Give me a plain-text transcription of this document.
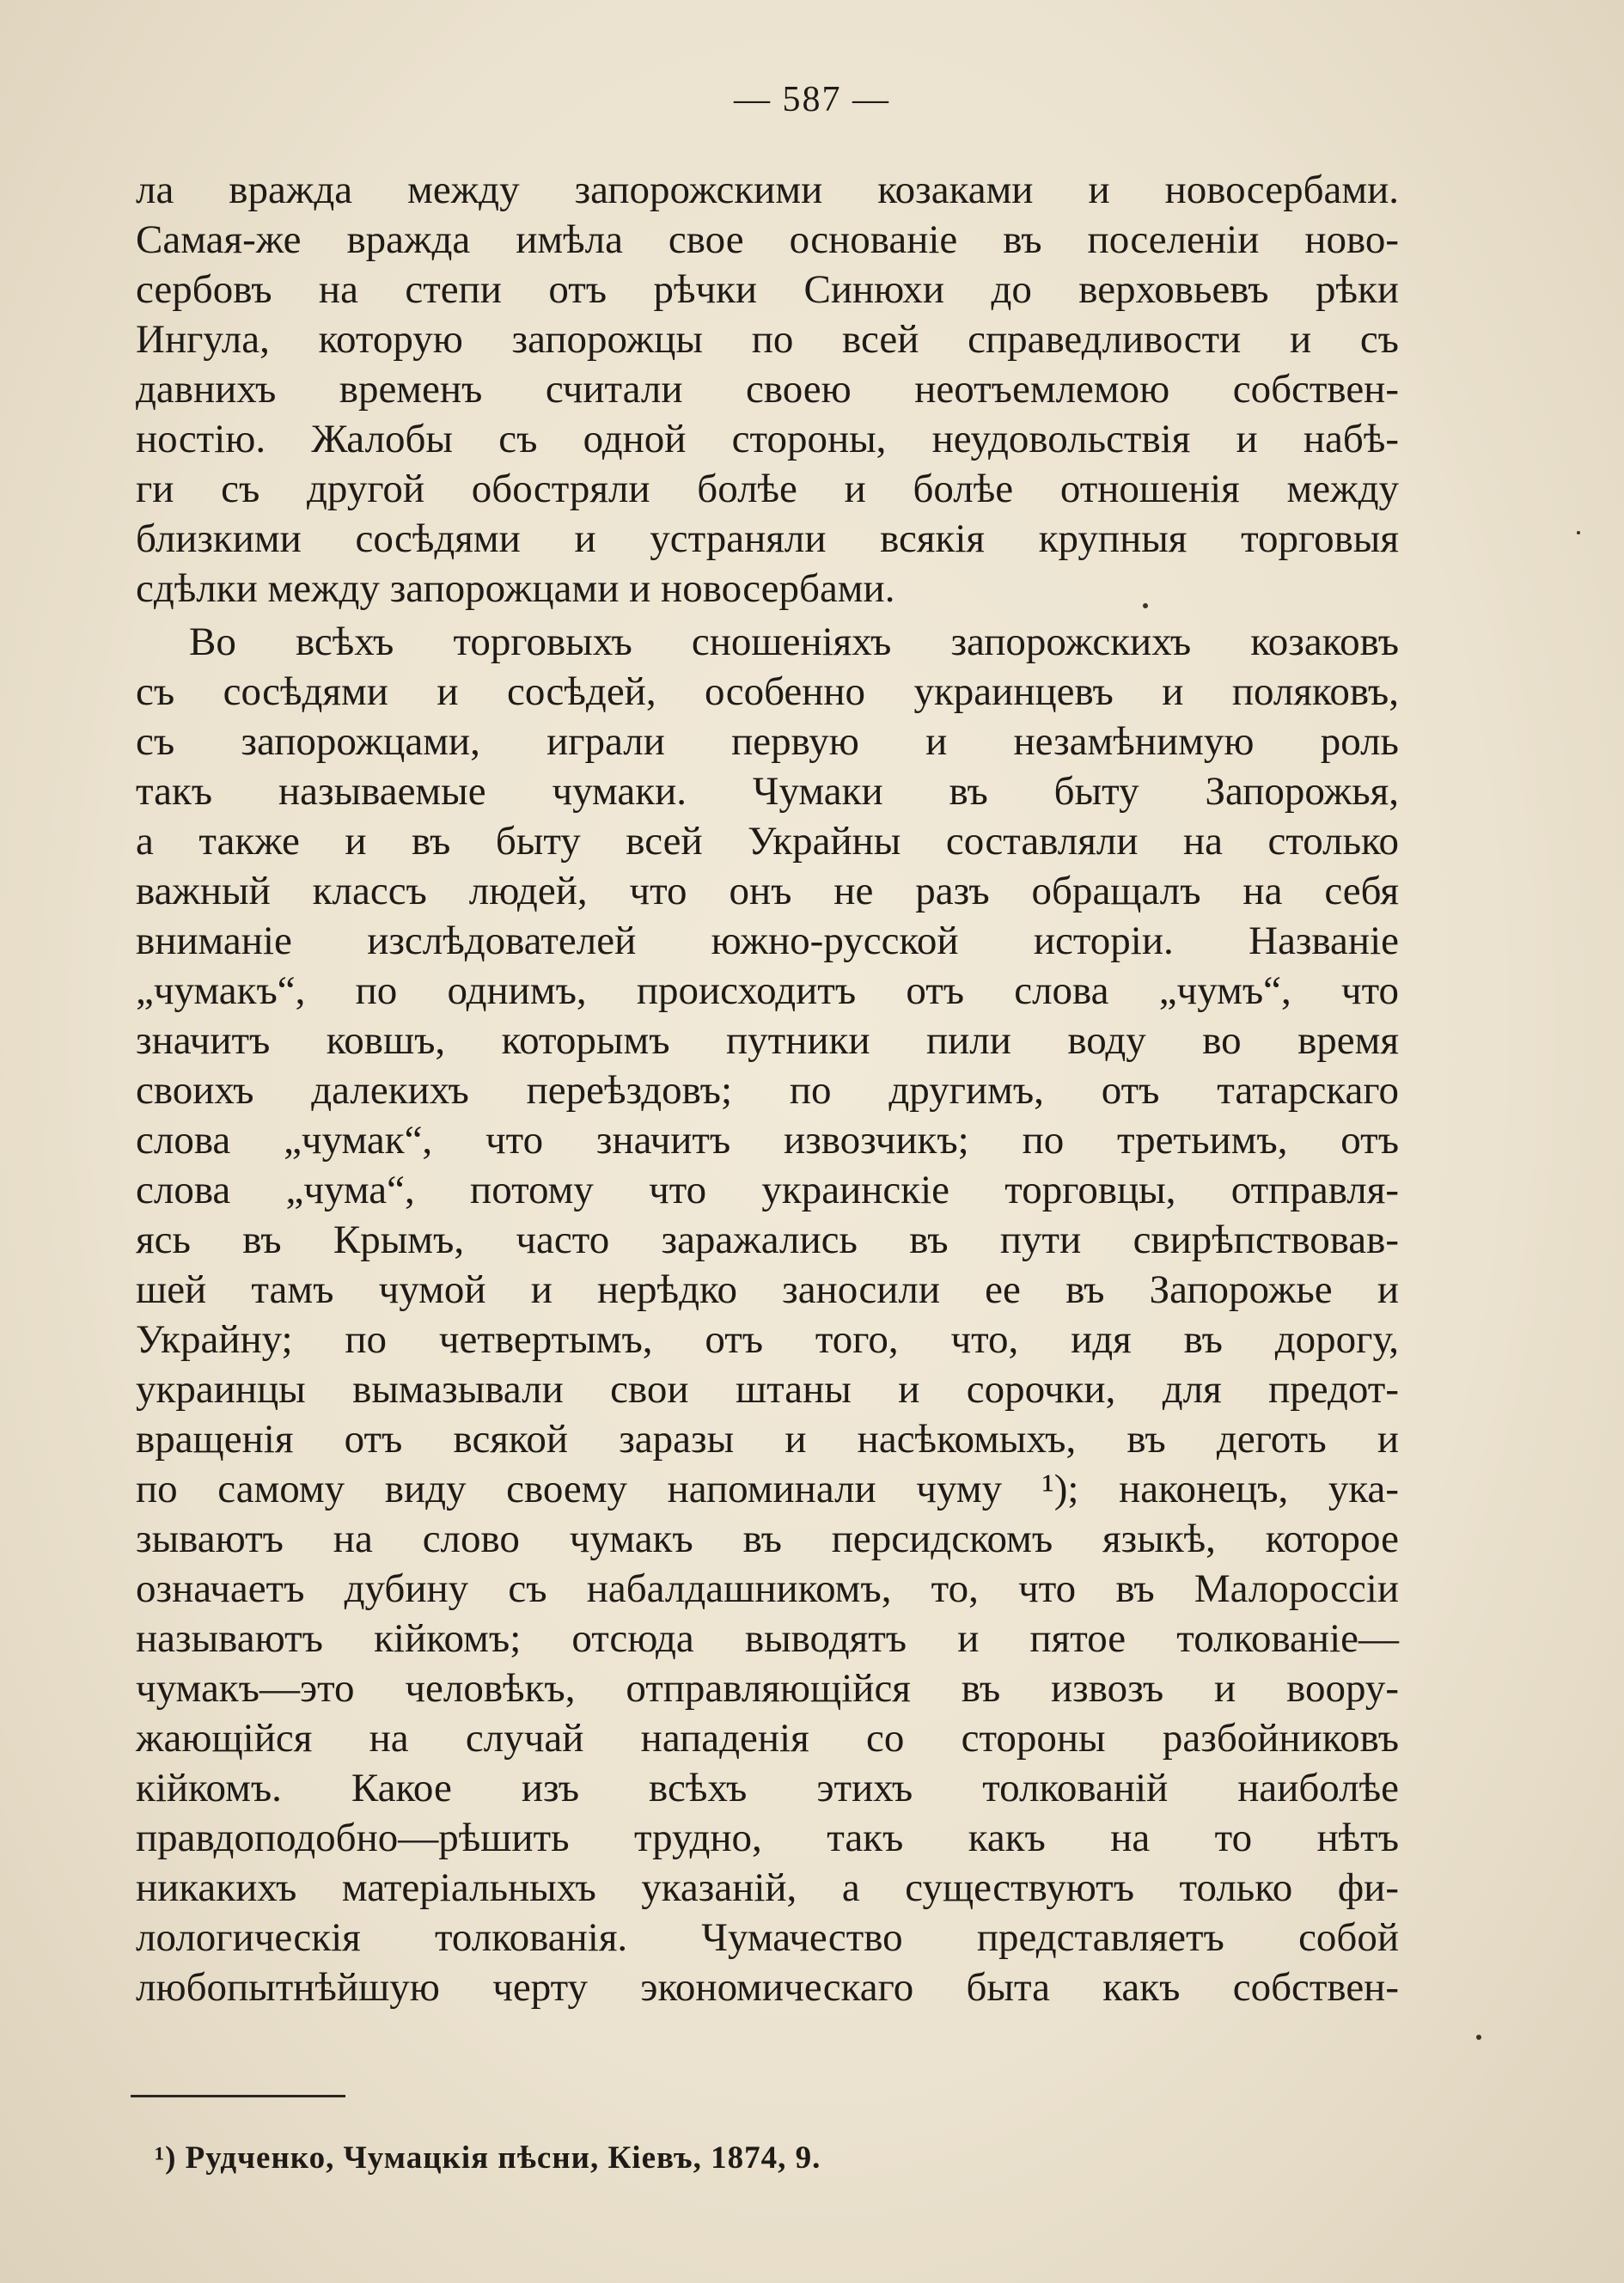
— 587 —
ла вражда между запорожскими козаками и новосербами.
Самая-же вражда имѣла свое основанiе въ поселенiи ново-
сербовъ на степи отъ рѣчки Синюхи до верховьевъ рѣки
Ингула, которую запорожцы по всей справедливости и съ
давнихъ временъ считали своею неотъемлемою собствен-
ностiю. Жалобы съ одной стороны, неудовольствiя и набѣ-
ги съ другой обостряли болѣе и болѣе отношенiя между
близкими сосѣдями и устраняли всякiя крупныя торговыя
сдѣлки между запорожцами и новосербами.
Во всѣхъ торговыхъ сношенiяхъ запорожскихъ козаковъ
съ сосѣдями и сосѣдей, особенно украинцевъ и поляковъ,
съ запорожцами, играли первую и незамѣнимую роль
такъ называемые чумаки. Чумаки въ быту Запорожья,
а также и въ быту всей Украйны составляли на столько
важный классъ людей, что онъ не разъ обращалъ на себя
вниманiе изслѣдователей южно-русской исторiи. Названiе
„чумакъ“, по однимъ, происходитъ отъ слова „чумъ“, что
значитъ ковшъ, которымъ путники пили воду во время
своихъ далекихъ переѣздовъ; по другимъ, отъ татарскаго
слова „чумак“, что значитъ извозчикъ; по третьимъ, отъ
слова „чума“, потому что украинскiе торговцы, отправля-
ясь въ Крымъ, часто заражались въ пути свирѣпствовав-
шей тамъ чумой и нерѣдко заносили ее въ Запорожье и
Украйну; по четвертымъ, отъ того, что, идя въ дорогу,
украинцы вымазывали свои штаны и сорочки, для предот-
вращенiя отъ всякой заразы и насѣкомыхъ, въ деготь и
по самому виду своему напоминали чуму ¹); наконецъ, ука-
зываютъ на слово чумакъ въ персидскомъ языкѣ, которое
означаетъ дубину съ набалдашникомъ, то, что въ Малороссiи
называютъ кiйкомъ; отсюда выводятъ и пятое толкованiе—
чумакъ—это человѣкъ, отправляющiйся въ извозъ и воору-
жающiйся на случай нападенiя со стороны разбойниковъ
кiйкомъ. Какое изъ всѣхъ этихъ толкованiй наиболѣе
правдоподобно—рѣшить трудно, такъ какъ на то нѣтъ
никакихъ матерiальныхъ указанiй, а существуютъ только фи-
лологическiя толкованiя. Чумачество представляетъ собой
любопытнѣйшую черту экономическаго быта какъ собствен-
¹) Рудченко, Чумацкiя пѣсни, Кiевъ, 1874, 9.
